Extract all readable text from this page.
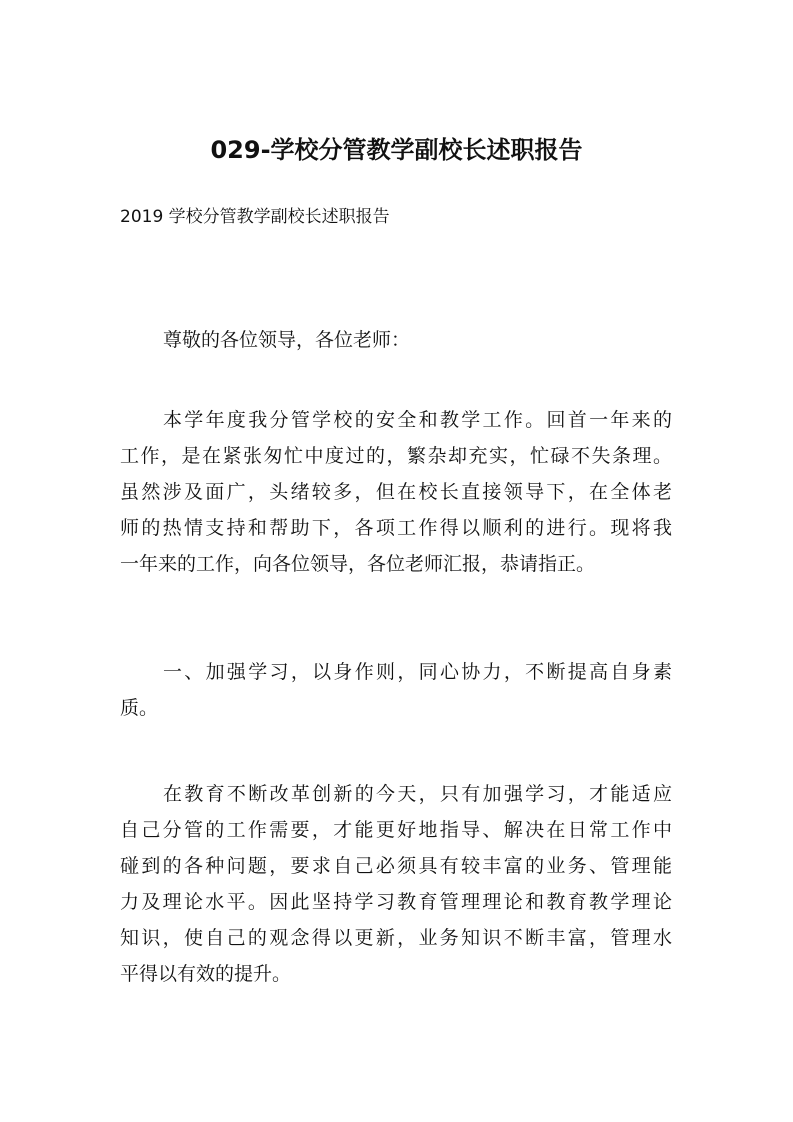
029-学校分管教学副校长述职报告
2019 学校分管教学副校长述职报告
尊敬的各位领导，各位老师：
本学年度我分管学校的安全和教学工作。回首一年来的
工作，是在紧张匆忙中度过的，繁杂却充实，忙碌不失条理。
虽然涉及面广，头绪较多，但在校长直接领导下，在全体老
师的热情支持和帮助下，各项工作得以顺利的进行。现将我
一年来的工作，向各位领导，各位老师汇报，恭请指正。
一、加强学习，以身作则，同心协力，不断提高自身素
质。
在教育不断改革创新的今天，只有加强学习，才能适应
自己分管的工作需要，才能更好地指导、解决在日常工作中
碰到的各种问题，要求自己必须具有较丰富的业务、管理能
力及理论水平。因此坚持学习教育管理理论和教育教学理论
知识，使自己的观念得以更新，业务知识不断丰富，管理水
平得以有效的提升。
